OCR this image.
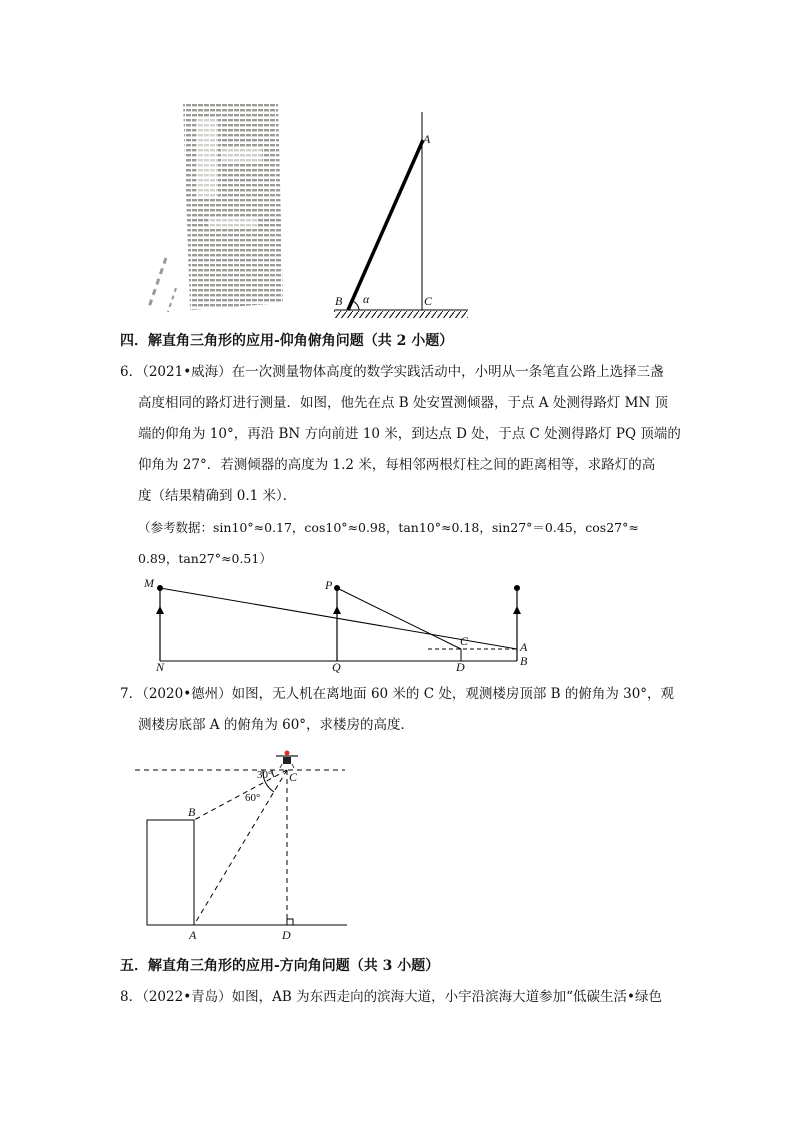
A
B	C
α
四．解直角三角形的应用-仰角俯角问题（共 2 小题）
6．（2021•威海）在一次测量物体高度的数学实践活动中，小明从一条笔直公路上选择三盏
高度相同的路灯进行测量．如图，他先在点 B 处安置测倾器，于点 A 处测得路灯 MN 顶
端的仰角为 10°，再沿 BN 方向前进 10 米，到达点 D 处，于点 C 处测得路灯 PQ 顶端的
仰角为 27°．若测倾器的高度为 1.2 米，每相邻两根灯柱之间的距离相等，求路灯的高
度（结果精确到 0.1 米）．
（参考数据：sin10°≈0.17，cos10°≈0.98，tan10°≈0.18，sin27°＝0.45，cos27°≈
0.89，tan27°≈0.51）
M	P
N	Q	D
C	A
B
7．（2020•德州）如图，无人机在离地面 60 米的 C 处，观测楼房顶部 B 的俯角为 30°，观
测楼房底部 A 的俯角为 60°，求楼房的高度．
B
C
A	D
30°
60°
五．解直角三角形的应用-方向角问题（共 3 小题）
8．（2022•青岛）如图，AB 为东西走向的滨海大道，小宇沿滨海大道参加“低碳生活•绿色
